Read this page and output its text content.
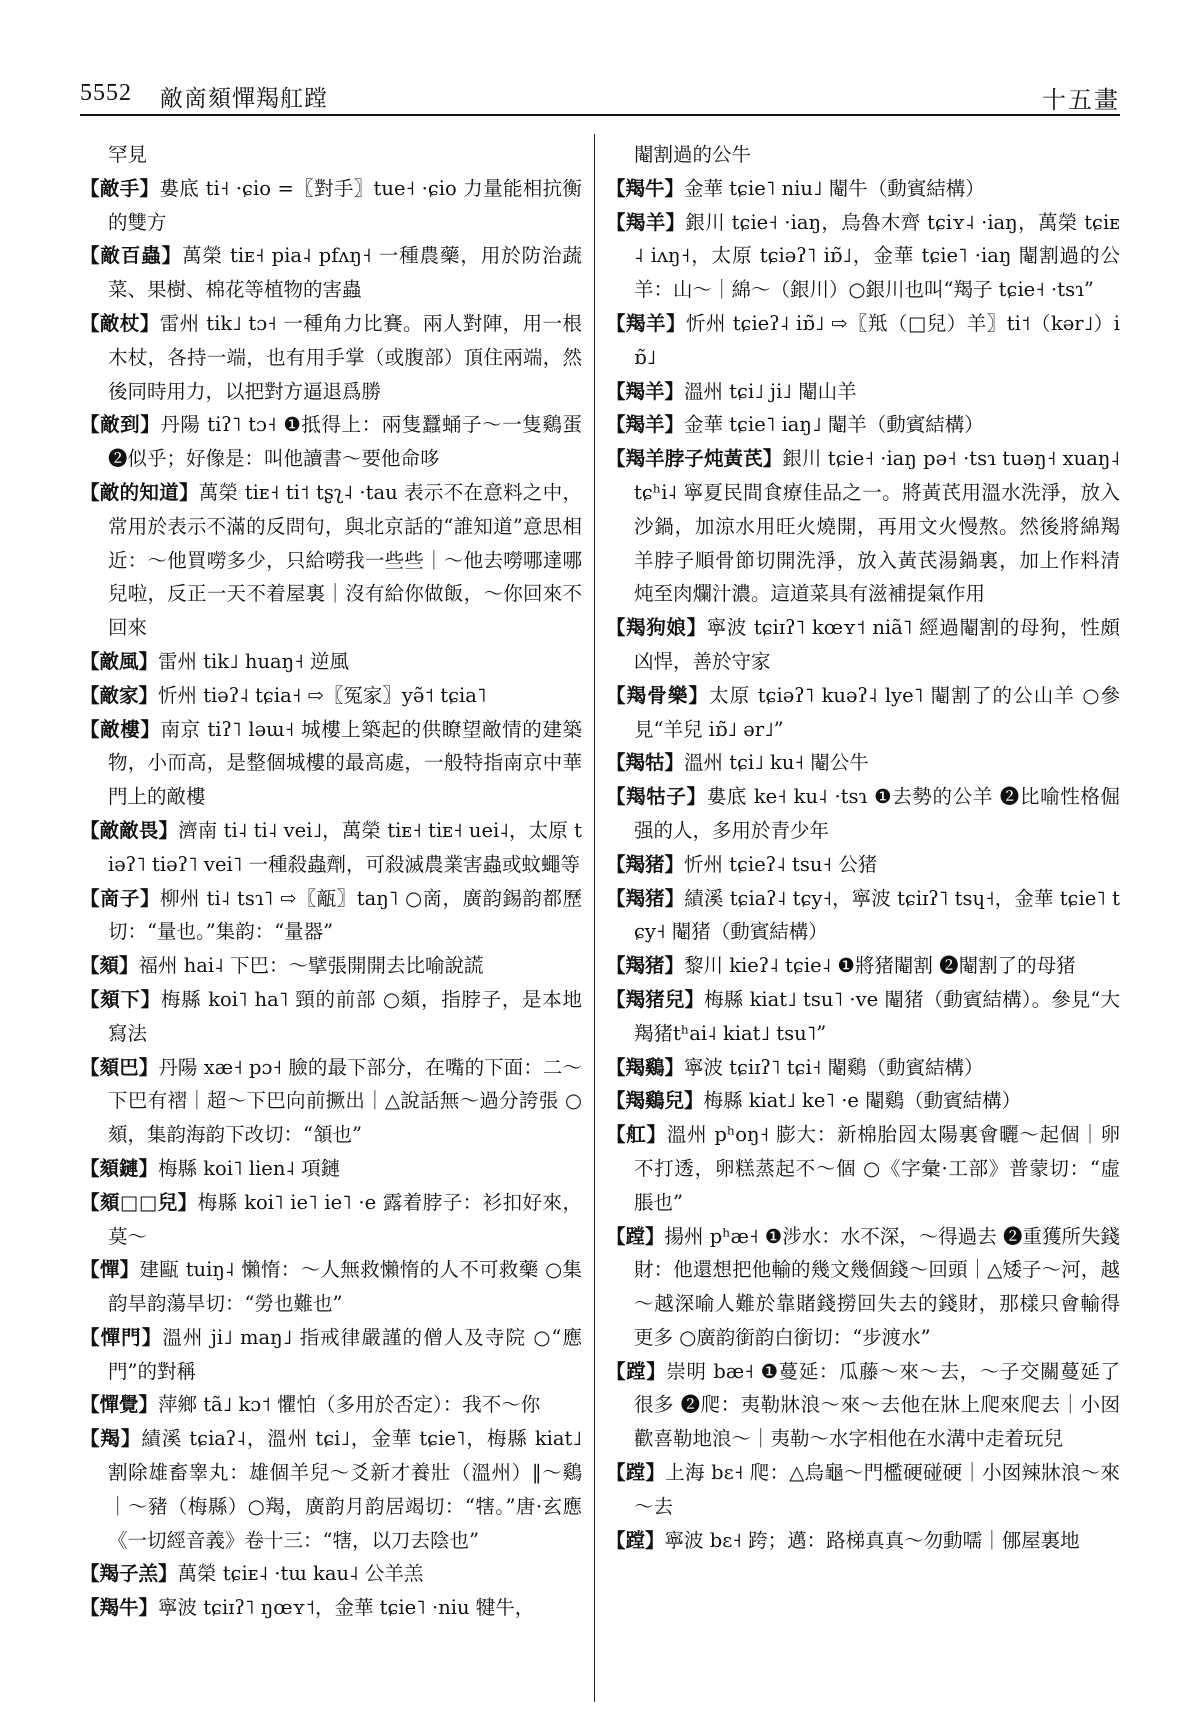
5552 敵啇頦憚羯舡蹚	十五畫

罕見

【敵手】婁底 ti˧ ·ɕio =〖對手〗tue˧ ·ɕio 力量能相抗衡的雙方

【敵百蟲】萬榮 tiᴇ˧ pia˨ pfʌŋ˧ 一種農藥，用於防治蔬菜、果樹、棉花等植物的害蟲

【敵杖】雷州 tik˩ tɔ˧ 一種角力比賽。兩人對陣，用一根木杖，各持一端，也有用手掌（或腹部）頂住兩端，然後同時用力，以把對方逼退爲勝

【敵到】丹陽 tiʔ˥ tɔ˧ ❶抵得上：兩隻蠶蛹子～一隻鷄蛋 ❷似乎；好像是：叫他讀書～要他命哆

【敵的知道】萬榮 tiᴇ˧ ti˦ tʂʅ˨ ·tau 表示不在意料之中，常用於表示不滿的反問句，與北京話的“誰知道”意思相近：～他買嘮多少，只給嘮我一些些｜～他去嘮哪達哪兒啦，反正一天不着屋裏｜沒有給你做飯，～你回來不回來

【敵風】雷州 tik˩ huaŋ˧ 逆風

【敵家】忻州 tiəʔ˨ tɕia˧ ⇨〖冤家〗yə̃˦ tɕia˥

【敵樓】南京 tiʔ˥ ləɯ˧ 城樓上築起的供瞭望敵情的建築物，小而高，是整個城樓的最高處，一般特指南京中華門上的敵樓

【敵敵畏】濟南 ti˨ ti˨ vei˩，萬榮 tiᴇ˧ tiᴇ˧ uei˨，太原 tiəʔ˥ tiəʔ˥ vei˥ 一種殺蟲劑，可殺滅農業害蟲或蚊蠅等

【啇子】柳州 ti˨ tsɿ˥ ⇨〖甋〗taŋ˥ ○啇，廣韵錫韵都歷切：“量也。”集韵：“量器”

【頦】福州 hai˨ 下巴：～擘張開開去比喻說謊

【頦下】梅縣 koi˥ ha˥ 頸的前部 ○頦，指脖子，是本地寫法

【頦巴】丹陽 xæ˧ pɔ˧ 臉的最下部分，在嘴的下面：二～下巴有褶｜超～下巴向前撅出｜△說話無～過分誇張 ○頦，集韵海韵下改切：“頷也”

【頦鏈】梅縣 koi˥ lien˨ 項鏈

【頦□□兒】梅縣 koi˥ ie˥ ie˥ ·e 露着脖子：衫扣好來，莫～

【憚】建甌 tuiŋ˨ 懶惰：～人無救懶惰的人不可救藥 ○集韵旱韵蕩旱切：“勞也難也”

【憚門】溫州 ji˩ maŋ˩ 指戒律嚴謹的僧人及寺院 ○“應門”的對稱

【憚覺】萍鄉 tã˩ kɔ˦ 懼怕（多用於否定）：我不～你

【羯】績溪 tɕiaʔ˨，溫州 tɕi˩，金華 tɕie˥，梅縣 kiat˩ 割除雄畜睾丸：雄個羊兒～爻新才養壯（溫州）‖～鷄｜～豬（梅縣）○羯，廣韵月韵居竭切：“犗。”唐·玄應《一切經音義》卷十三：“犗，以刀去陰也”

【羯子羔】萬榮 tɕiᴇ˨ ·tɯ kau˨ 公羊羔

【羯牛】寧波 tɕiɪʔ˥ ŋœʏ˦，金華 tɕie˥ ·niu 犍牛，

閹割過的公牛

【羯牛】金華 tɕie˥ niu˩ 閹牛（動賓結構）

【羯羊】銀川 tɕie˧ ·iaŋ，烏魯木齊 tɕiʏ˨ ·iaŋ，萬榮 tɕiᴇ˨ iʌŋ˧，太原 tɕiəʔ˥ iɒ̃˩，金華 tɕie˥ ·iaŋ 閹割過的公羊：山～｜綿～（銀川）○銀川也叫“羯子 tɕie˧ ·tsɿ”

【羯羊】忻州 tɕieʔ˨ iɒ̃˩ ⇨〖羝（□兒）羊〗ti˦（kər˩）iɒ̃˩

【羯羊】溫州 tɕi˩ ji˩ 閹山羊

【羯羊】金華 tɕie˥ iaŋ˩ 閹羊（動賓結構）

【羯羊脖子炖黃芪】銀川 tɕie˧ ·iaŋ pə˧ ·tsɿ tuəŋ˧ xuaŋ˨ tɕʰi˨ 寧夏民間食療佳品之一。將黃芪用溫水洗淨，放入沙鍋，加涼水用旺火燒開，再用文火慢熬。然後將綿羯羊脖子順骨節切開洗淨，放入黃芪湯鍋裏，加上作料清炖至肉爛汁濃。這道菜具有滋補提氣作用

【羯狗娘】寧波 tɕiɪʔ˥ kœʏ˦ niã˥ 經過閹割的母狗，性頗凶悍，善於守家

【羯骨樂】太原 tɕiəʔ˥ kuəʔ˨ lye˥ 閹割了的公山羊 ○參見“羊兒 iɒ̃˩ ər˩”

【羯牯】溫州 tɕi˩ ku˧ 閹公牛

【羯牯子】婁底 ke˧ ku˨ ·tsɿ ❶去勢的公羊 ❷比喻性格倔强的人，多用於青少年

【羯猪】忻州 tɕieʔ˨ tsu˧ 公猪

【羯猪】績溪 tɕiaʔ˨ tɕy˧，寧波 tɕiɪʔ˥ tsɥ˧，金華 tɕie˥ tɕy˧ 閹猪（動賓結構）

【羯猪】黎川 kieʔ˨ tɕie˨ ❶將猪閹割 ❷閹割了的母猪

【羯猪兒】梅縣 kiat˩ tsu˥ ·ve 閹猪（動賓結構）。參見“大羯猪tʰai˨ kiat˩ tsu˥”

【羯鷄】寧波 tɕiɪʔ˥ tɕi˧ 閹鷄（動賓結構）

【羯鷄兒】梅縣 kiat˩ ke˥ ·e 閹鷄（動賓結構）

【舡】溫州 pʰoŋ˧ 膨大：新棉胎囥太陽裏會曬～起個｜卵不打透，卵糕蒸起不～個 ○《字彙·工部》普蒙切：“虛脹也”

【蹚】揚州 pʰæ˧ ❶涉水：水不深，～得過去 ❷重獲所失錢財：他還想把他輸的幾文幾個錢～回頭｜△矮子～河，越～越深喻人難於靠賭錢撈回失去的錢財，那樣只會輸得更多 ○廣韵銜韵白銜切：“步渡水”

【蹚】崇明 bæ˧ ❶蔓延：瓜藤～來～去，～子交關蔓延了很多 ❷爬：夷勒牀浪～來～去他在牀上爬來爬去｜小囡歡喜勒地浪～｜夷勒～水字相他在水溝中走着玩兒

【蹚】上海 bɛ˧ 爬：△烏龜～門檻硬碰硬｜小囡辣牀浪～來～去

【蹚】寧波 bɛ˧ 跨；邁：路梯真真～勿動嚅｜㑚屋裏地
